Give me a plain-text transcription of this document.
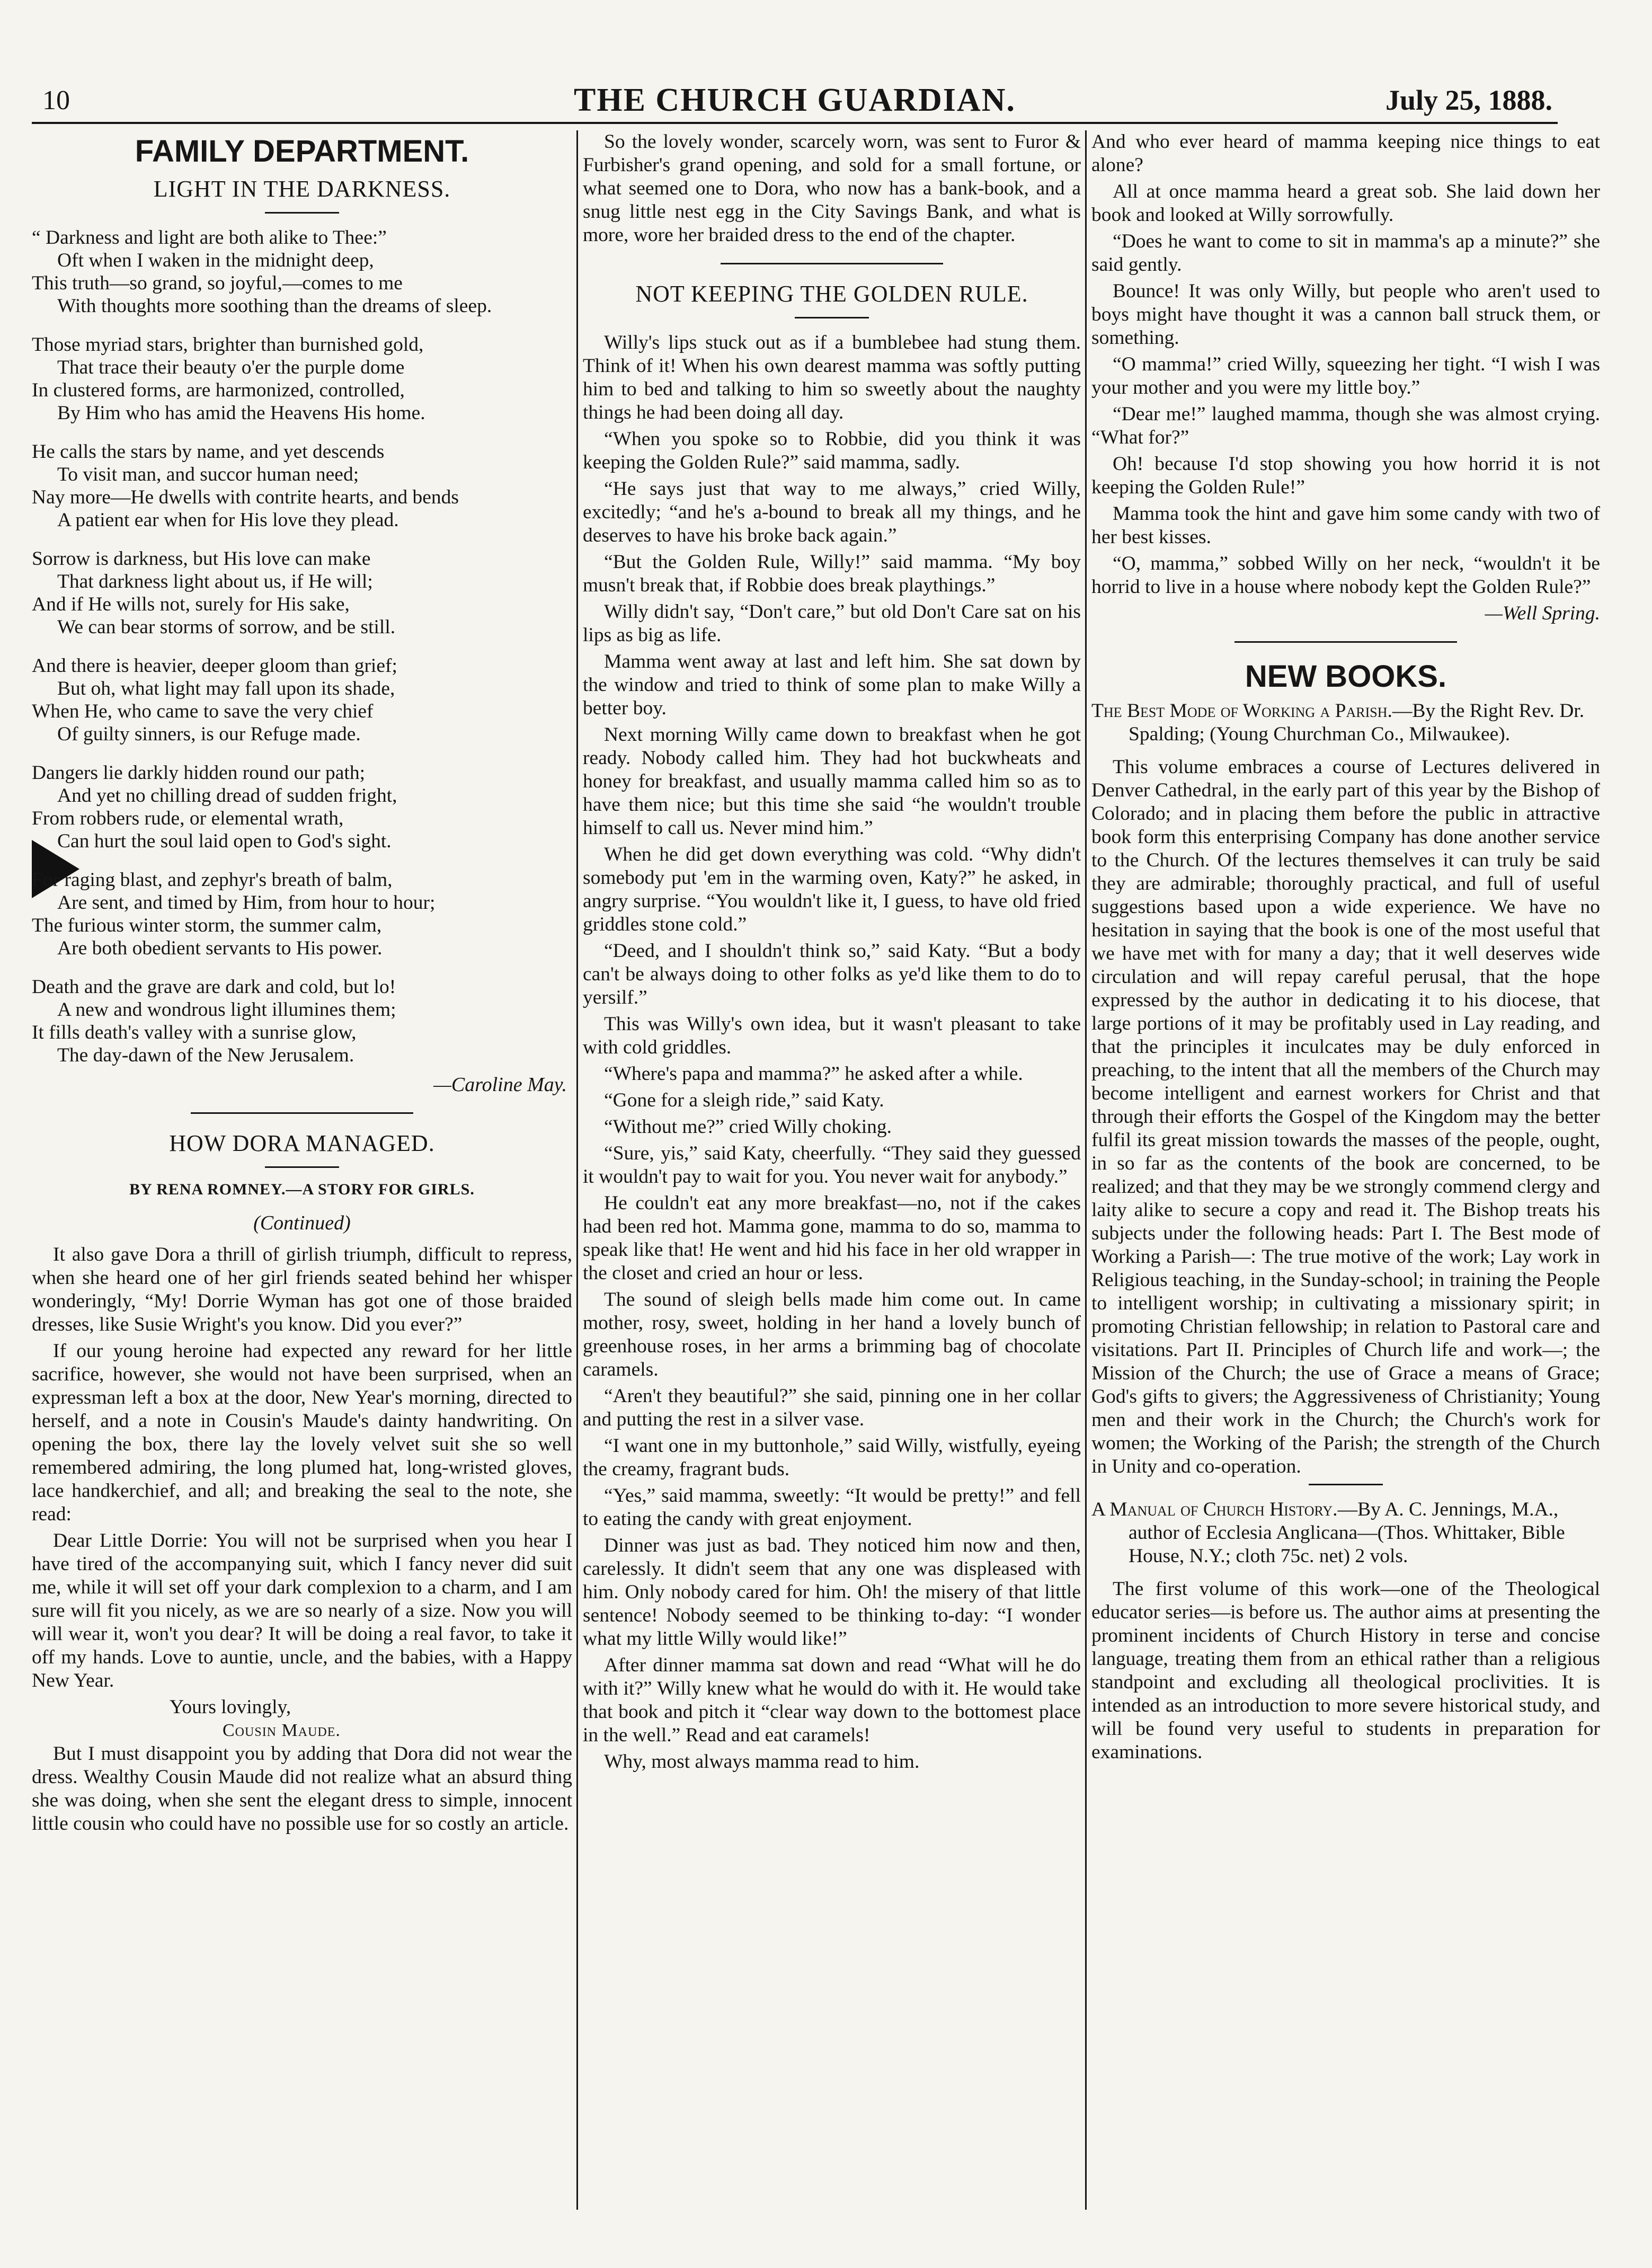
10	THE CHURCH GUARDIAN.	July 25, 1888.
FAMILY DEPARTMENT.
LIGHT IN THE DARKNESS.
“ Darkness and light are both alike to Thee:”
Oft when I waken in the midnight deep,
This truth—so grand, so joyful,—comes to me
With thoughts more soothing than the dreams of sleep.
Those myriad stars, brighter than burnished gold,
That trace their beauty o'er the purple dome
In clustered forms, are harmonized, controlled,
By Him who has amid the Heavens His home.
He calls the stars by name, and yet descends
To visit man, and succor human need;
Nay more—He dwells with contrite hearts, and bends
A patient ear when for His love they plead.
Sorrow is darkness, but His love can make
That darkness light about us, if He will;
And if He wills not, surely for His sake,
We can bear storms of sorrow, and be still.
And there is heavier, deeper gloom than grief;
But oh, what light may fall upon its shade,
When He, who came to save the very chief
Of guilty sinners, is our Refuge made.
Dangers lie darkly hidden round our path;
And yet no chilling dread of sudden fright,
From robbers rude, or elemental wrath,
Can hurt the soul laid open to God's sight.
For raging blast, and zephyr's breath of balm,
Are sent, and timed by Him, from hour to hour;
The furious winter storm, the summer calm,
Are both obedient servants to His power.
Death and the grave are dark and cold, but lo!
A new and wondrous light illumines them;
It fills death's valley with a sunrise glow,
The day-dawn of the New Jerusalem.
—Caroline May.
HOW DORA MANAGED.
BY RENA ROMNEY.—A STORY FOR GIRLS.
(Continued)

It also gave Dora a thrill of girlish triumph, difficult to repress, when she heard one of her girl friends seated behind her whisper wonderingly, “My! Dorrie Wyman has got one of those braided dresses, like Susie Wright's you know. Did you ever?”

If our young heroine had expected any reward for her little sacrifice, however, she would not have been surprised, when an expressman left a box at the door, New Year's morning, directed to herself, and a note in Cousin's Maude's dainty handwriting. On opening the box, there lay the lovely velvet suit she so well remembered admiring, the long plumed hat, long-wristed gloves, lace handkerchief, and all; and breaking the seal to the note, she read:

Dear Little Dorrie: You will not be surprised when you hear I have tired of the accompanying suit, which I fancy never did suit me, while it will set off your dark complexion to a charm, and I am sure will fit you nicely, as we are so nearly of a size. Now you will will wear it, won't you dear? It will be doing a real favor, to take it off my hands. Love to auntie, uncle, and the babies, with a Happy New Year.

Yours lovingly,
Cousin Maude.

But I must disappoint you by adding that Dora did not wear the dress. Wealthy Cousin Maude did not realize what an absurd thing she was doing, when she sent the elegant dress to simple, innocent little cousin who could have no possible use for so costly an article.

So the lovely wonder, scarcely worn, was sent to Furor & Furbisher's grand opening, and sold for a small fortune, or what seemed one to Dora, who now has a bank-book, and a snug little nest egg in the City Savings Bank, and what is more, wore her braided dress to the end of the chapter.

NOT KEEPING THE GOLDEN RULE.

Willy's lips stuck out as if a bumblebee had stung them. Think of it! When his own dearest mamma was softly putting him to bed and talking to him so sweetly about the naughty things he had been doing all day.

“When you spoke so to Robbie, did you think it was keeping the Golden Rule?” said mamma, sadly.

“He says just that way to me always,” cried Willy, excitedly; “and he's a-bound to break all my things, and he deserves to have his broke back again.”

“But the Golden Rule, Willy!” said mamma. “My boy musn't break that, if Robbie does break playthings.”

Willy didn't say, “Don't care,” but old Don't Care sat on his lips as big as life.

Mamma went away at last and left him. She sat down by the window and tried to think of some plan to make Willy a better boy.

Next morning Willy came down to breakfast when he got ready. Nobody called him. They had hot buckwheats and honey for breakfast, and usually mamma called him so as to have them nice; but this time she said “he wouldn't trouble himself to call us. Never mind him.”

When he did get down everything was cold. “Why didn't somebody put 'em in the warming oven, Katy?” he asked, in angry surprise. “You wouldn't like it, I guess, to have old fried griddles stone cold.”

“Deed, and I shouldn't think so,” said Katy. “But a body can't be always doing to other folks as ye'd like them to do to yersilf.”

This was Willy's own idea, but it wasn't pleasant to take with cold griddles.

“Where's papa and mamma?” he asked after a while.

“Gone for a sleigh ride,” said Katy.

“Without me?” cried Willy choking.

“Sure, yis,” said Katy, cheerfully. “They said they guessed it wouldn't pay to wait for you. You never wait for anybody.”

He couldn't eat any more breakfast—no, not if the cakes had been red hot. Mamma gone, mamma to do so, mamma to speak like that! He went and hid his face in her old wrapper in the closet and cried an hour or less.

The sound of sleigh bells made him come out. In came mother, rosy, sweet, holding in her hand a lovely bunch of greenhouse roses, in her arms a brimming bag of chocolate caramels.

“Aren't they beautiful?” she said, pinning one in her collar and putting the rest in a silver vase.

“I want one in my buttonhole,” said Willy, wistfully, eyeing the creamy, fragrant buds.

“Yes,” said mamma, sweetly: “It would be pretty!” and fell to eating the candy with great enjoyment.

Dinner was just as bad. They noticed him now and then, carelessly. It didn't seem that any one was displeased with him. Only nobody cared for him. Oh! the misery of that little sentence! Nobody seemed to be thinking to-day: “I wonder what my little Willy would like!”

After dinner mamma sat down and read “What will he do with it?” Willy knew what he would do with it. He would take that book and pitch it “clear way down to the bottomest place in the well.” Read and eat caramels!

Why, most always mamma read to him.

And who ever heard of mamma keeping nice things to eat alone?

All at once mamma heard a great sob. She laid down her book and looked at Willy sorrowfully.

“Does he want to come to sit in mamma's ap a minute?” she said gently.

Bounce! It was only Willy, but people who aren't used to boys might have thought it was a cannon ball struck them, or something.

“O mamma!” cried Willy, squeezing her tight. “I wish I was your mother and you were my little boy.”

“Dear me!” laughed mamma, though she was almost crying. “What for?”

Oh! because I'd stop showing you how horrid it is not keeping the Golden Rule!”

Mamma took the hint and gave him some candy with two of her best kisses.

“O, mamma,” sobbed Willy on her neck, “wouldn't it be horrid to live in a house where nobody kept the Golden Rule?”

—Well Spring.

NEW BOOKS.
The Best Mode of Working a Parish.—By the Right Rev. Dr. Spalding; (Young Churchman Co., Milwaukee).

This volume embraces a course of Lectures delivered in Denver Cathedral, in the early part of this year by the Bishop of Colorado; and in placing them before the public in attractive book form this enterprising Company has done another service to the Church. Of the lectures themselves it can truly be said they are admirable; thoroughly practical, and full of useful suggestions based upon a wide experience. We have no hesitation in saying that the book is one of the most useful that we have met with for many a day; that it well deserves wide circulation and will repay careful perusal, that the hope expressed by the author in dedicating it to his diocese, that large portions of it may be profitably used in Lay reading, and that the principles it inculcates may be duly enforced in preaching, to the intent that all the members of the Church may become intelligent and earnest workers for Christ and that through their efforts the Gospel of the Kingdom may the better fulfil its great mission towards the masses of the people, ought, in so far as the contents of the book are concerned, to be realized; and that they may be we strongly commend clergy and laity alike to secure a copy and read it. The Bishop treats his subjects under the following heads: Part I. The Best mode of Working a Parish—: The true motive of the work; Lay work in Religious teaching, in the Sunday-school; in training the People to intelligent worship; in cultivating a missionary spirit; in promoting Christian fellowship; in relation to Pastoral care and visitations. Part II. Principles of Church life and work—; the Mission of the Church; the use of Grace a means of Grace; God's gifts to givers; the Aggressiveness of Christianity; Young men and their work in the Church; the Church's work for women; the Working of the Parish; the strength of the Church in Unity and co-operation.

A Manual of Church History.—By A. C. Jennings, M.A., author of Ecclesia Anglicana—(Thos. Whittaker, Bible House, N.Y.; cloth 75c. net) 2 vols.

The first volume of this work—one of the Theological educator series—is before us. The author aims at presenting the prominent incidents of Church History in terse and concise language, treating them from an ethical rather than a religious standpoint and excluding all theological proclivities. It is intended as an introduction to more severe historical study, and will be found very useful to students in preparation for examinations.
